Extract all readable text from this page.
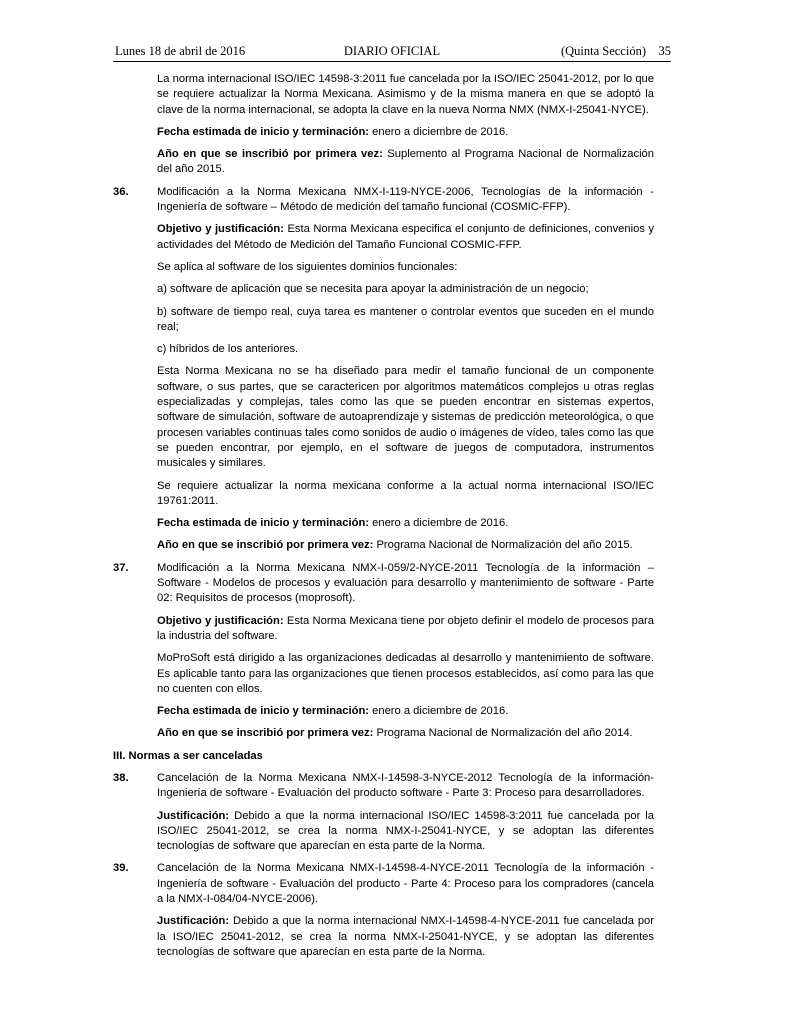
Lunes 18 de abril de 2016	DIARIO OFICIAL	(Quinta Sección) 35

La norma internacional ISO/IEC 14598-3:2011 fue cancelada por la ISO/IEC 25041-2012, por lo que se requiere actualizar la Norma Mexicana. Asimismo y de la misma manera en que se adoptó la clave de la norma internacional, se adopta la clave en la nueva Norma NMX (NMX-I-25041-NYCE).

Fecha estimada de inicio y terminación: enero a diciembre de 2016.

Año en que se inscribió por primera vez: Suplemento al Programa Nacional de Normalización del año 2015.

36.	Modificación a la Norma Mexicana NMX-I-119-NYCE-2006, Tecnologías de la información - Ingeniería de software – Método de medición del tamaño funcional (COSMIC-FFP).

Objetivo y justificación: Esta Norma Mexicana especifica el conjunto de definiciones, convenios y actividades del Método de Medición del Tamaño Funcional COSMIC-FFP.

Se aplica al software de los siguientes dominios funcionales:

a) software de aplicación que se necesita para apoyar la administración de un negocio;

b) software de tiempo real, cuya tarea es mantener o controlar eventos que suceden en el mundo real;

c) híbridos de los anteriores.

Esta Norma Mexicana no se ha diseñado para medir el tamaño funcional de un componente software, o sus partes, que se caractericen por algoritmos matemáticos complejos u otras reglas especializadas y complejas, tales como las que se pueden encontrar en sistemas expertos, software de simulación, software de autoaprendizaje y sistemas de predicción meteorológica, o que procesen variables continuas tales como sonidos de audio o imágenes de vídeo, tales como las que se pueden encontrar, por ejemplo, en el software de juegos de computadora, instrumentos musicales y similares.

Se requiere actualizar la norma mexicana conforme a la actual norma internacional ISO/IEC 19761:2011.

Fecha estimada de inicio y terminación: enero a diciembre de 2016.

Año en que se inscribió por primera vez: Programa Nacional de Normalización del año 2015.

37.	Modificación a la Norma Mexicana NMX-I-059/2-NYCE-2011 Tecnología de la información –Software - Modelos de procesos y evaluación para desarrollo y mantenimiento de software - Parte 02: Requisitos de procesos (moprosoft).

Objetivo y justificación: Esta Norma Mexicana tiene por objeto definir el modelo de procesos para la industria del software.

MoProSoft está dirigido a las organizaciones dedicadas al desarrollo y mantenimiento de software. Es aplicable tanto para las organizaciones que tienen procesos establecidos, así como para las que no cuenten con ellos.

Fecha estimada de inicio y terminación: enero a diciembre de 2016.

Año en que se inscribió por primera vez: Programa Nacional de Normalización del año 2014.

III. Normas a ser canceladas

38.	Cancelación de la Norma Mexicana NMX-I-14598-3-NYCE-2012 Tecnología de la información- Ingeniería de software - Evaluación del producto software - Parte 3: Proceso para desarrolladores.

Justificación: Debido a que la norma internacional ISO/IEC 14598-3:2011 fue cancelada por la ISO/IEC 25041-2012, se crea la norma NMX-I-25041-NYCE, y se adoptan las diferentes tecnologías de software que aparecían en esta parte de la Norma.

39.	Cancelación de la Norma Mexicana NMX-I-14598-4-NYCE-2011 Tecnología de la información - Ingeniería de software - Evaluación del producto - Parte 4: Proceso para los compradores (cancela a la NMX-I-084/04-NYCE-2006).

Justificación: Debido a que la norma internacional NMX-I-14598-4-NYCE-2011 fue cancelada por la ISO/IEC 25041-2012, se crea la norma NMX-I-25041-NYCE, y se adoptan las diferentes tecnologías de software que aparecían en esta parte de la Norma.
